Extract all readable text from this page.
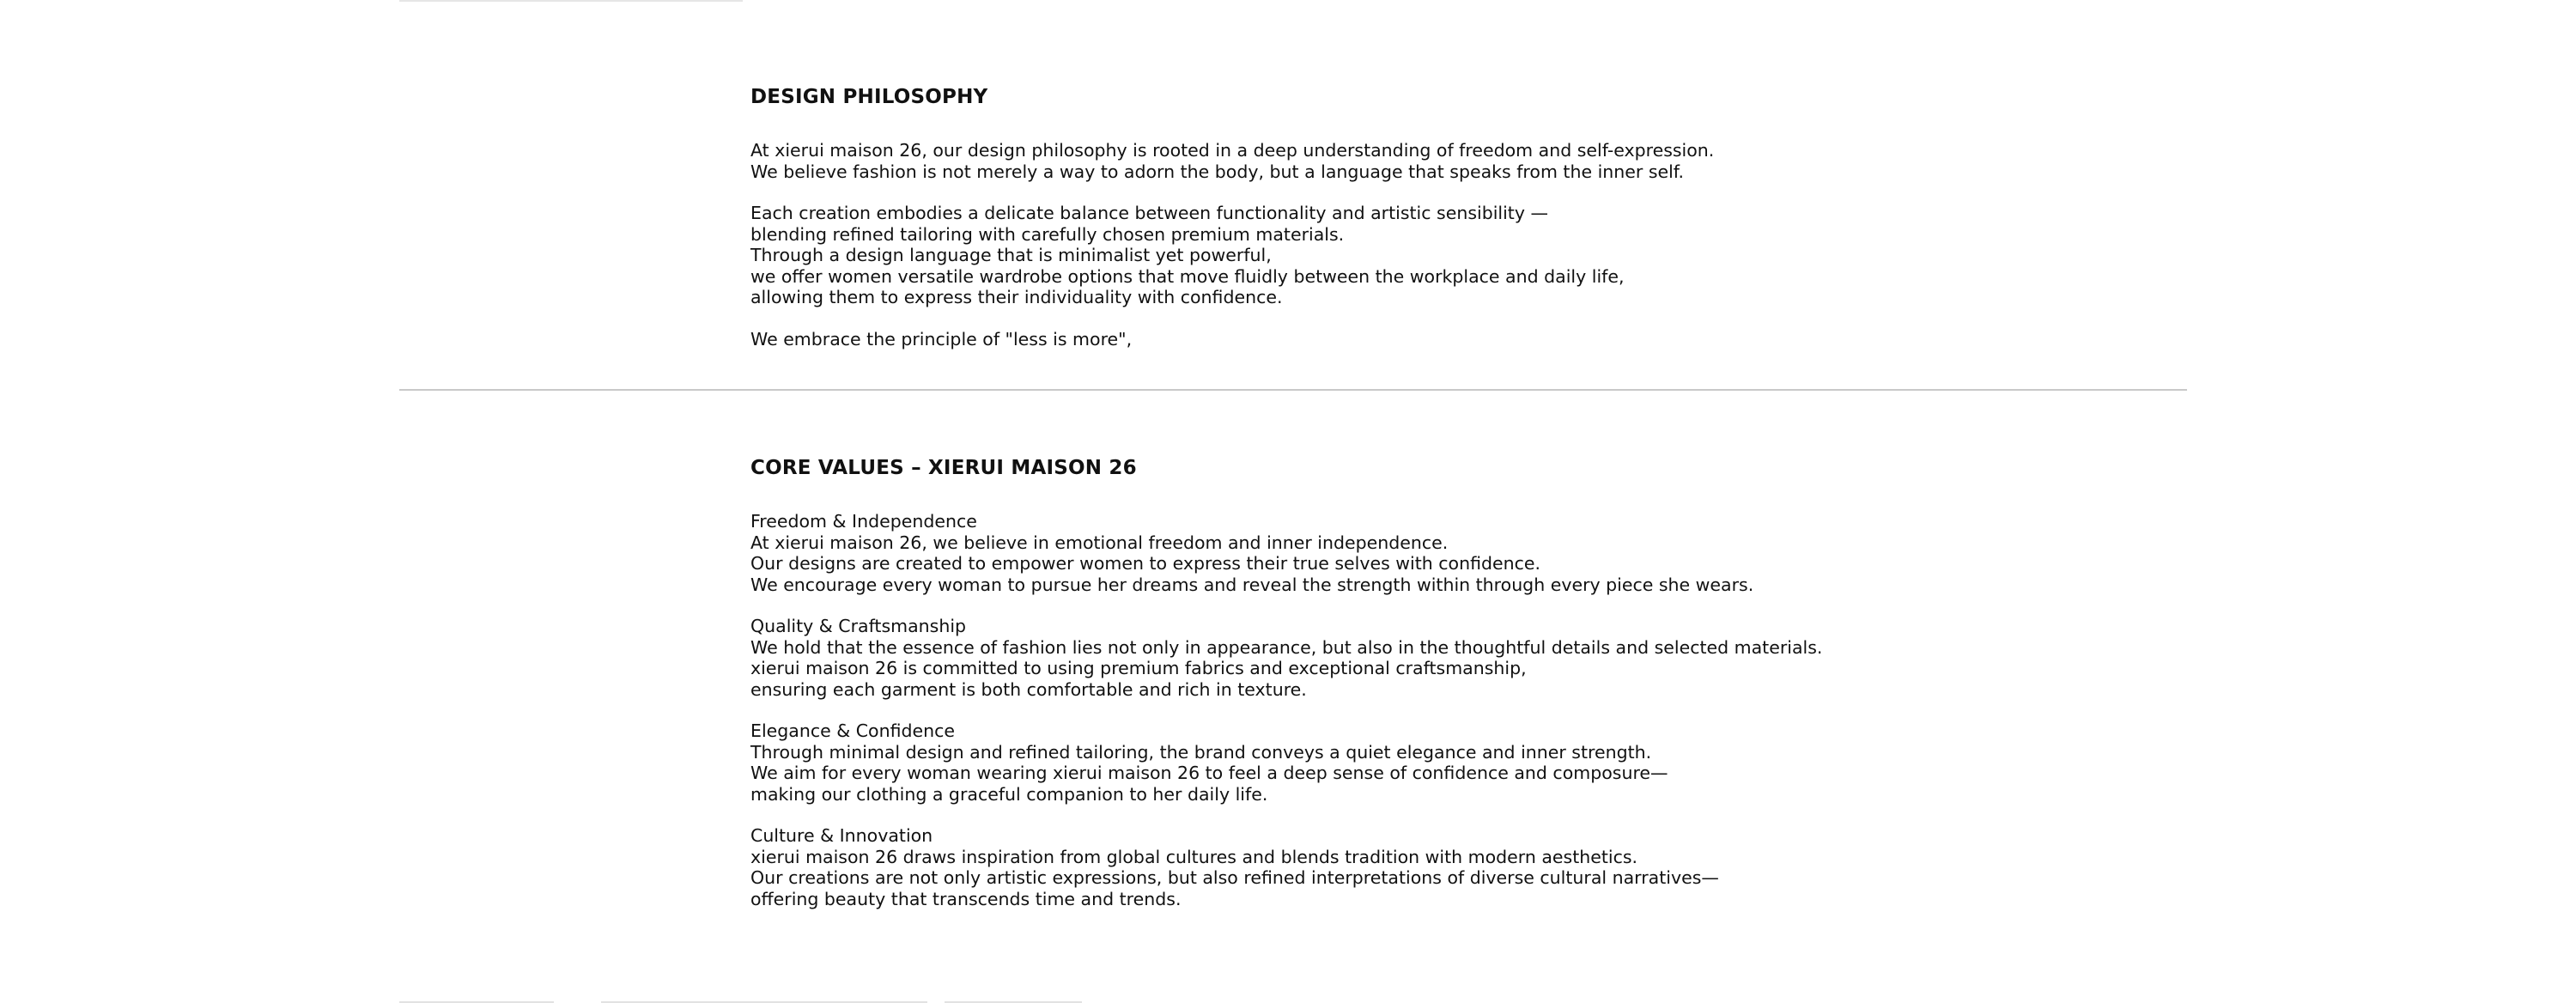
DESIGN PHILOSOPHY
At xierui maison 26, our design philosophy is rooted in a deep understanding of freedom and self-expression.
We believe fashion is not merely a way to adorn the body, but a language that speaks from the inner self.
Each creation embodies a delicate balance between functionality and artistic sensibility —
blending refined tailoring with carefully chosen premium materials.
Through a design language that is minimalist yet powerful,
we offer women versatile wardrobe options that move fluidly between the workplace and daily life,
allowing them to express their individuality with confidence.
We embrace the principle of "less is more",
CORE VALUES – XIERUI MAISON 26
Freedom & Independence
At xierui maison 26, we believe in emotional freedom and inner independence.
Our designs are created to empower women to express their true selves with confidence.
We encourage every woman to pursue her dreams and reveal the strength within through every piece she wears.
Quality & Craftsmanship
We hold that the essence of fashion lies not only in appearance, but also in the thoughtful details and selected materials.
xierui maison 26 is committed to using premium fabrics and exceptional craftsmanship,
ensuring each garment is both comfortable and rich in texture.
Elegance & Confidence
Through minimal design and refined tailoring, the brand conveys a quiet elegance and inner strength.
We aim for every woman wearing xierui maison 26 to feel a deep sense of confidence and composure—
making our clothing a graceful companion to her daily life.
Culture & Innovation
xierui maison 26 draws inspiration from global cultures and blends tradition with modern aesthetics.
Our creations are not only artistic expressions, but also refined interpretations of diverse cultural narratives—
offering beauty that transcends time and trends.
